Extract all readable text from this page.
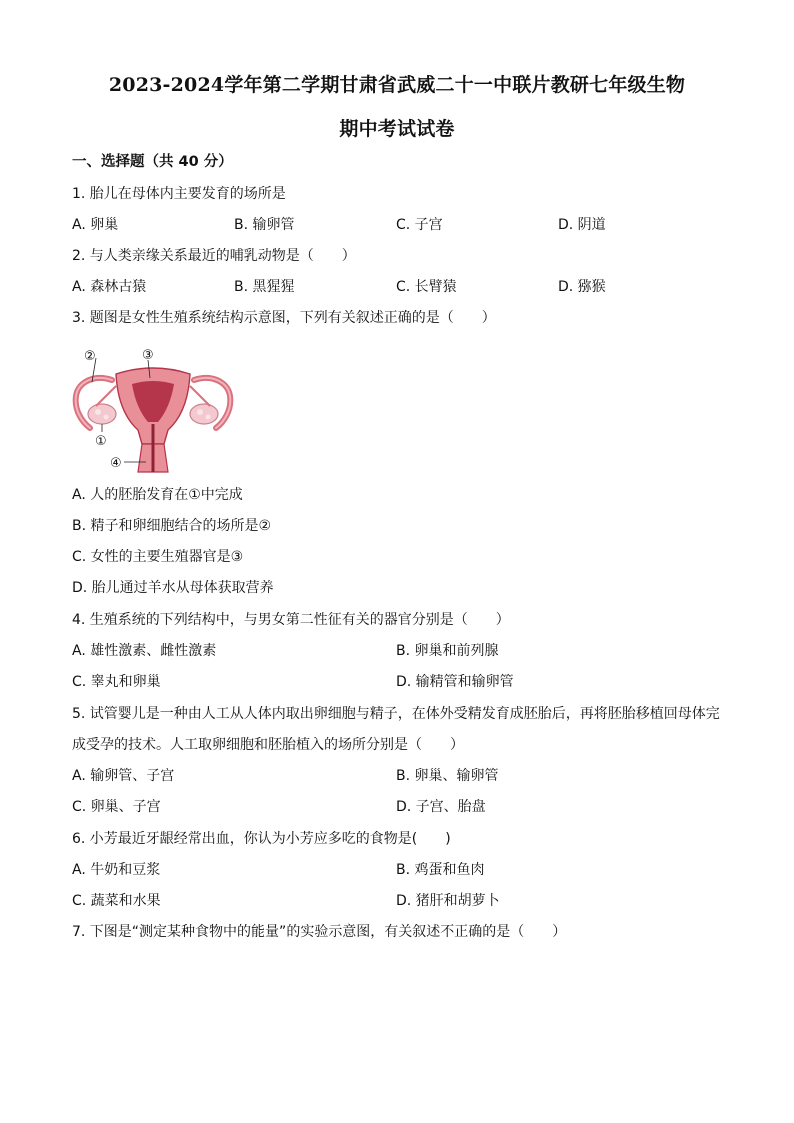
2023-2024学年第二学期甘肃省武威二十一中联片教研七年级生物
期中考试试卷
一、选择题（共 40 分）
1. 胎儿在母体内主要发育的场所是
A. 卵巢	B. 输卵管	C. 子宫	D. 阴道
2. 与人类亲缘关系最近的哺乳动物是（　　）
A. 森林古猿	B. 黑猩猩	C. 长臂猿	D. 猕猴
3. 题图是女性生殖系统结构示意图，下列有关叙述正确的是（　　）
②	③
①
④
A. 人的胚胎发育在①中完成
B. 精子和卵细胞结合的场所是②
C. 女性的主要生殖器官是③
D. 胎儿通过羊水从母体获取营养
4. 生殖系统的下列结构中，与男女第二性征有关的器官分别是（　　）
A. 雄性激素、雌性激素	B. 卵巢和前列腺
C. 睾丸和卵巢	D. 输精管和输卵管
5. 试管婴儿是一种由人工从人体内取出卵细胞与精子，在体外受精发育成胚胎后，再将胚胎移植回母体完
成受孕的技术。人工取卵细胞和胚胎植入的场所分别是（　　）
A. 输卵管、子宫	B. 卵巢、输卵管
C. 卵巢、子宫	D. 子宫、胎盘
6. 小芳最近牙龈经常出血，你认为小芳应多吃的食物是(　　)
A. 牛奶和豆浆	B. 鸡蛋和鱼肉
C. 蔬菜和水果	D. 猪肝和胡萝卜
7. 下图是“测定某种食物中的能量”的实验示意图，有关叙述不正确的是（　　）
